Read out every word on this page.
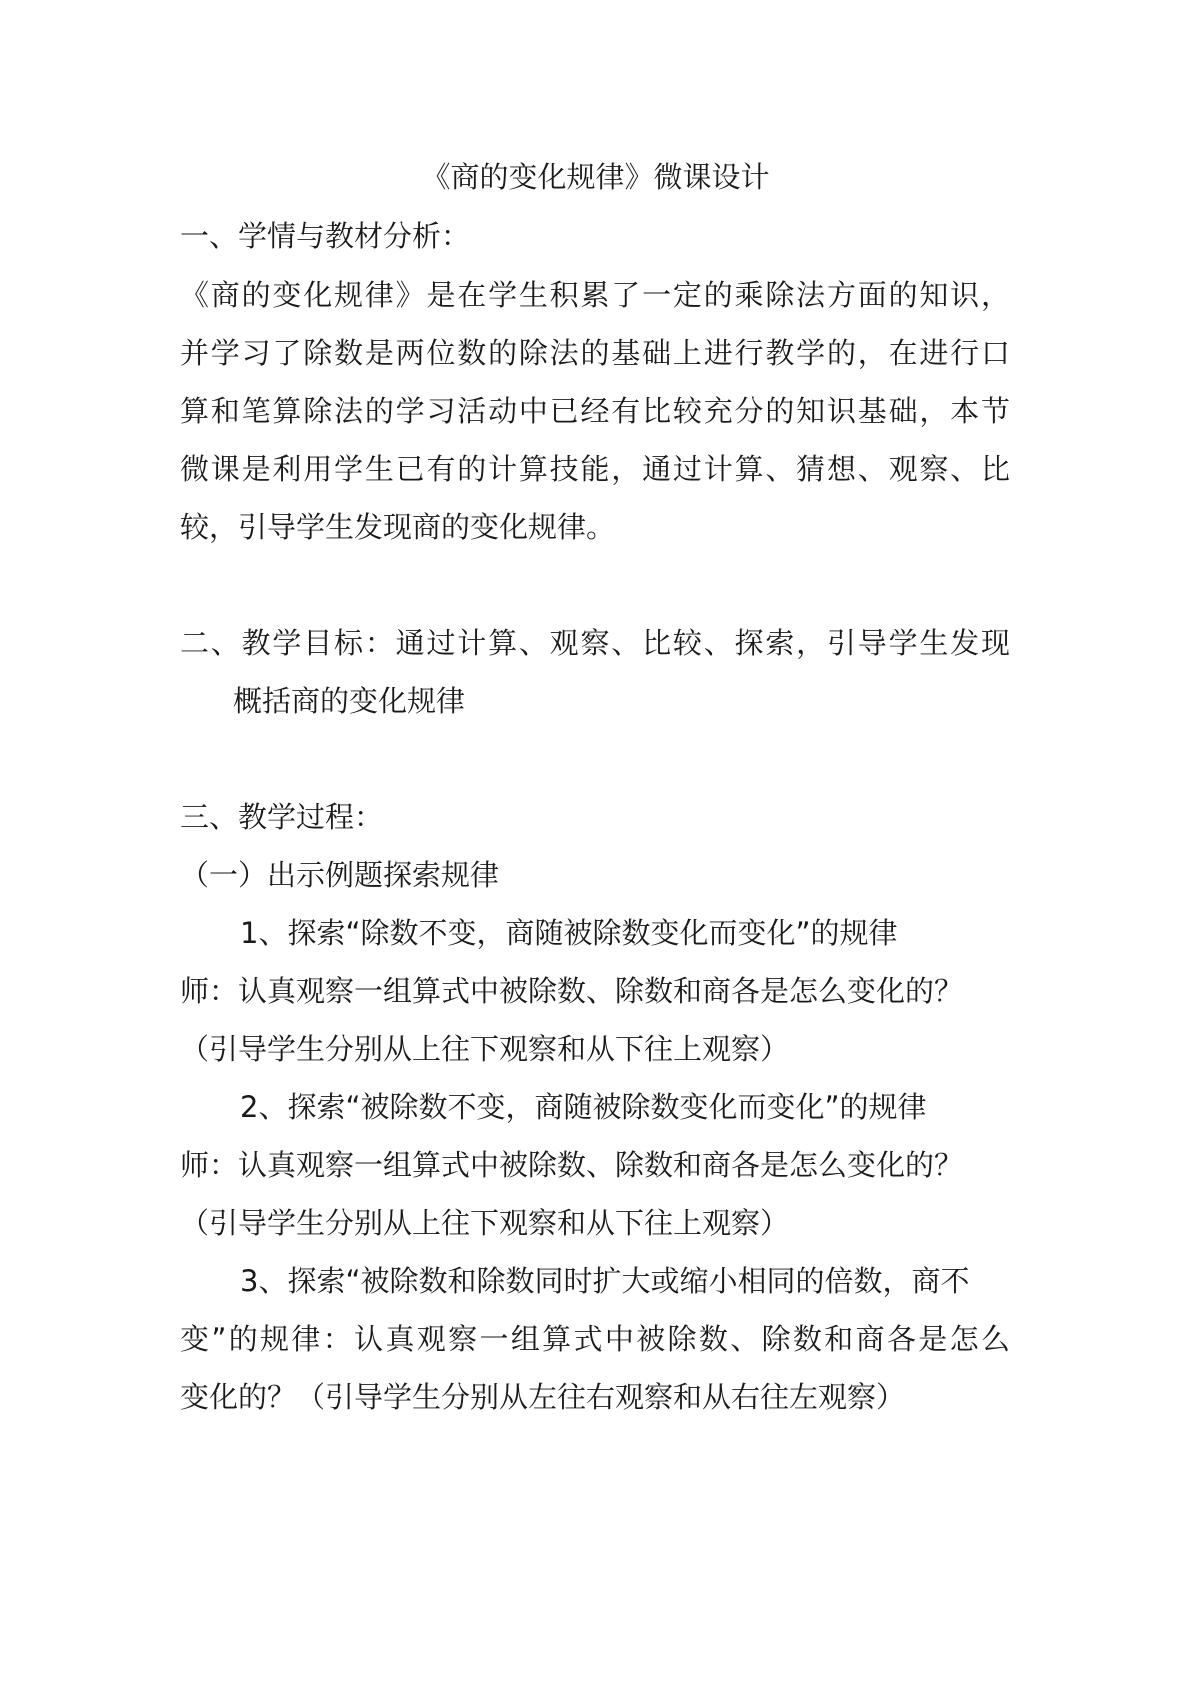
《商的变化规律》微课设计
一、学情与教材分析：
《商的变化规律》是在学生积累了一定的乘除法方面的知识，
并学习了除数是两位数的除法的基础上进行教学的，在进行口
算和笔算除法的学习活动中已经有比较充分的知识基础，本节
微课是利用学生已有的计算技能，通过计算、猜想、观察、比
较，引导学生发现商的变化规律。
二、教学目标：通过计算、观察、比较、探索，引导学生发现
概括商的变化规律
三、教学过程：
（一）出示例题探索规律
1、探索“除数不变，商随被除数变化而变化”的规律
师：认真观察一组算式中被除数、除数和商各是怎么变化的？
（引导学生分别从上往下观察和从下往上观察）
2、探索“被除数不变，商随被除数变化而变化”的规律
师：认真观察一组算式中被除数、除数和商各是怎么变化的？
（引导学生分别从上往下观察和从下往上观察）
3、探索“被除数和除数同时扩大或缩小相同的倍数，商不
变”的规律：认真观察一组算式中被除数、除数和商各是怎么
变化的？（引导学生分别从左往右观察和从右往左观察）
